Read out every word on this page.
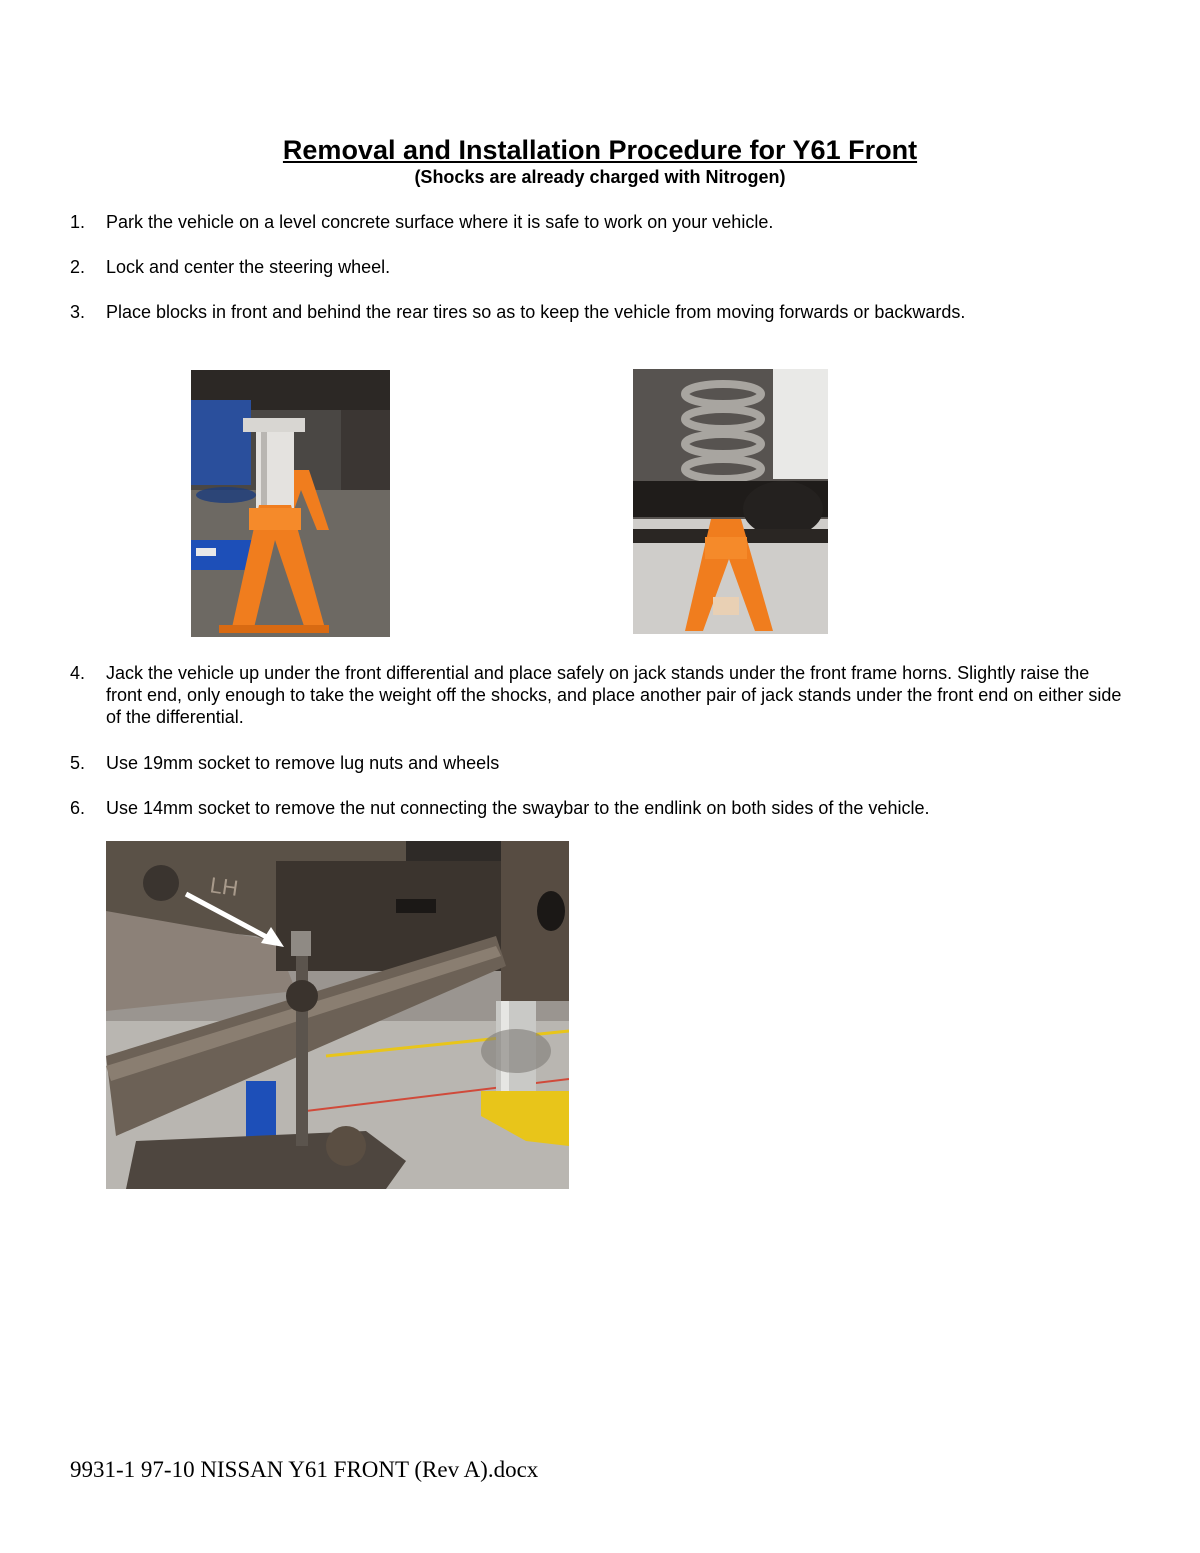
Removal and Installation Procedure for Y61 Front
(Shocks are already charged with Nitrogen)
1.	Park the vehicle on a level concrete surface where it is safe to work on your vehicle.
2.	Lock and center the steering wheel.
3.	Place blocks in front and behind the rear tires so as to keep the vehicle from moving forwards or backwards.
4.	Jack the vehicle up under the front differential and place safely on jack stands under the front frame horns. Slightly raise the front end, only enough to take the weight off the shocks, and place another pair of jack stands under the front end on either side of the differential.
5.	Use 19mm socket to remove lug nuts and wheels
6.	Use 14mm socket to remove the nut connecting the swaybar to the endlink on both sides of the vehicle.
LH
9931-1 97-10 NISSAN Y61 FRONT (Rev A).docx
